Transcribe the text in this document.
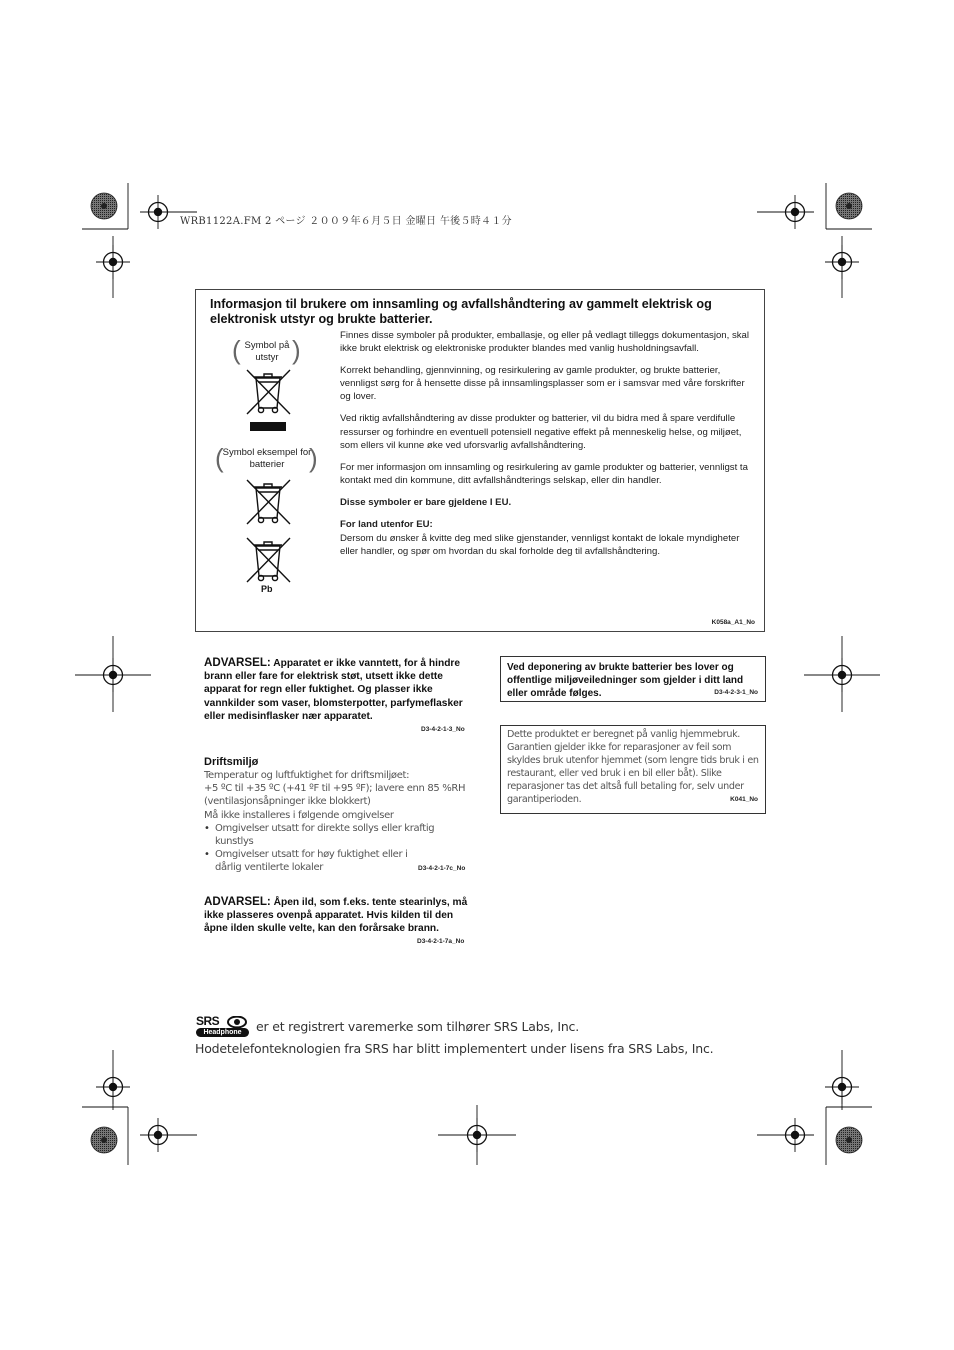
WRB1122A.FM 2 ページ ２００９年６月５日 金曜日 午後５時４１分
Informasjon til brukere om innsamling og avfallshåndtering av gammelt elektrisk og elektronisk utstyr og brukte batterier.
( Symbol på utstyr )
(
Symbol eksempel for batterier )
Pb

Finnes disse symboler på produkter, emballasje, og eller på vedlagt tilleggs dokumentasjon, skal ikke brukt elektrisk og elektroniske produkter blandes med vanlig husholdningsavfall.

Korrekt behandling, gjennvinning, og resirkulering av gamle produkter, og brukte batterier, vennligst sørg for å hensette disse på innsamlingsplasser som er i samsvar med våre forskrifter og lover.

Ved riktig avfallshåndtering av disse produkter og batterier, vil du bidra med å spare verdifulle ressurser og forhindre en eventuell potensiell negative effekt på menneskelig helse, og miljøet, som ellers vil kunne øke ved uforsvarlig avfallshåndtering.

For mer informasjon om innsamling og resirkulering av gamle produkter og batterier, vennligst ta kontakt med din kommune, ditt avfallshåndterings selskap, eller din handler.

Disse symboler er bare gjeldene I EU.

For land utenfor EU:

Dersom du ønsker å kvitte deg med slike gjenstander, vennligst kontakt de lokale myndigheter eller handler, og spør om hvordan du skal forholde deg til avfallshåndtering.

K058a_A1_No
ADVARSEL: Apparatet er ikke vanntett, for å hindre brann eller fare for elektrisk støt, utsett ikke dette apparat for regn eller fuktighet. Og plasser ikke vannkilder som vaser, blomsterpotter, parfymeflasker eller medisinflasker nær apparatet.
D3-4-2-1-3_No
Driftsmiljø
Temperatur og luftfuktighet for driftsmiljøet:
+5 ºC til +35 ºC (+41 ºF til +95 ºF); lavere enn 85 %RH (ventilasjonsåpninger ikke blokkert)
Må ikke installeres i følgende omgivelser
• Omgivelser utsatt for direkte sollys eller kraftig kunstlys
• Omgivelser utsatt for høy fuktighet eller i dårlig ventilerte lokaler	D3-4-2-1-7c_No
ADVARSEL: Åpen ild, som f.eks. tente stearinlys, må ikke plasseres ovenpå apparatet. Hvis kilden til den åpne ilden skulle velte, kan den forårsake brann.
D3-4-2-1-7a_No
Ved deponering av brukte batterier bes lover og offentlige miljøveiledninger som gjelder i ditt land eller område følges.	D3-4-2-3-1_No
Dette produktet er beregnet på vanlig hjemmebruk. Garantien gjelder ikke for reparasjoner av feil som skyldes bruk utenfor hjemmet (som lengre tids bruk i en restaurant, eller ved bruk i en bil eller båt). Slike reparasjoner tas det altså full betaling for, selv under garantiperioden.	K041_No
SRS
Headphone	er et registrert varemerke som tilhører SRS Labs, Inc.
Hodetelefonteknologien fra SRS har blitt implementert under lisens fra SRS Labs, Inc.
